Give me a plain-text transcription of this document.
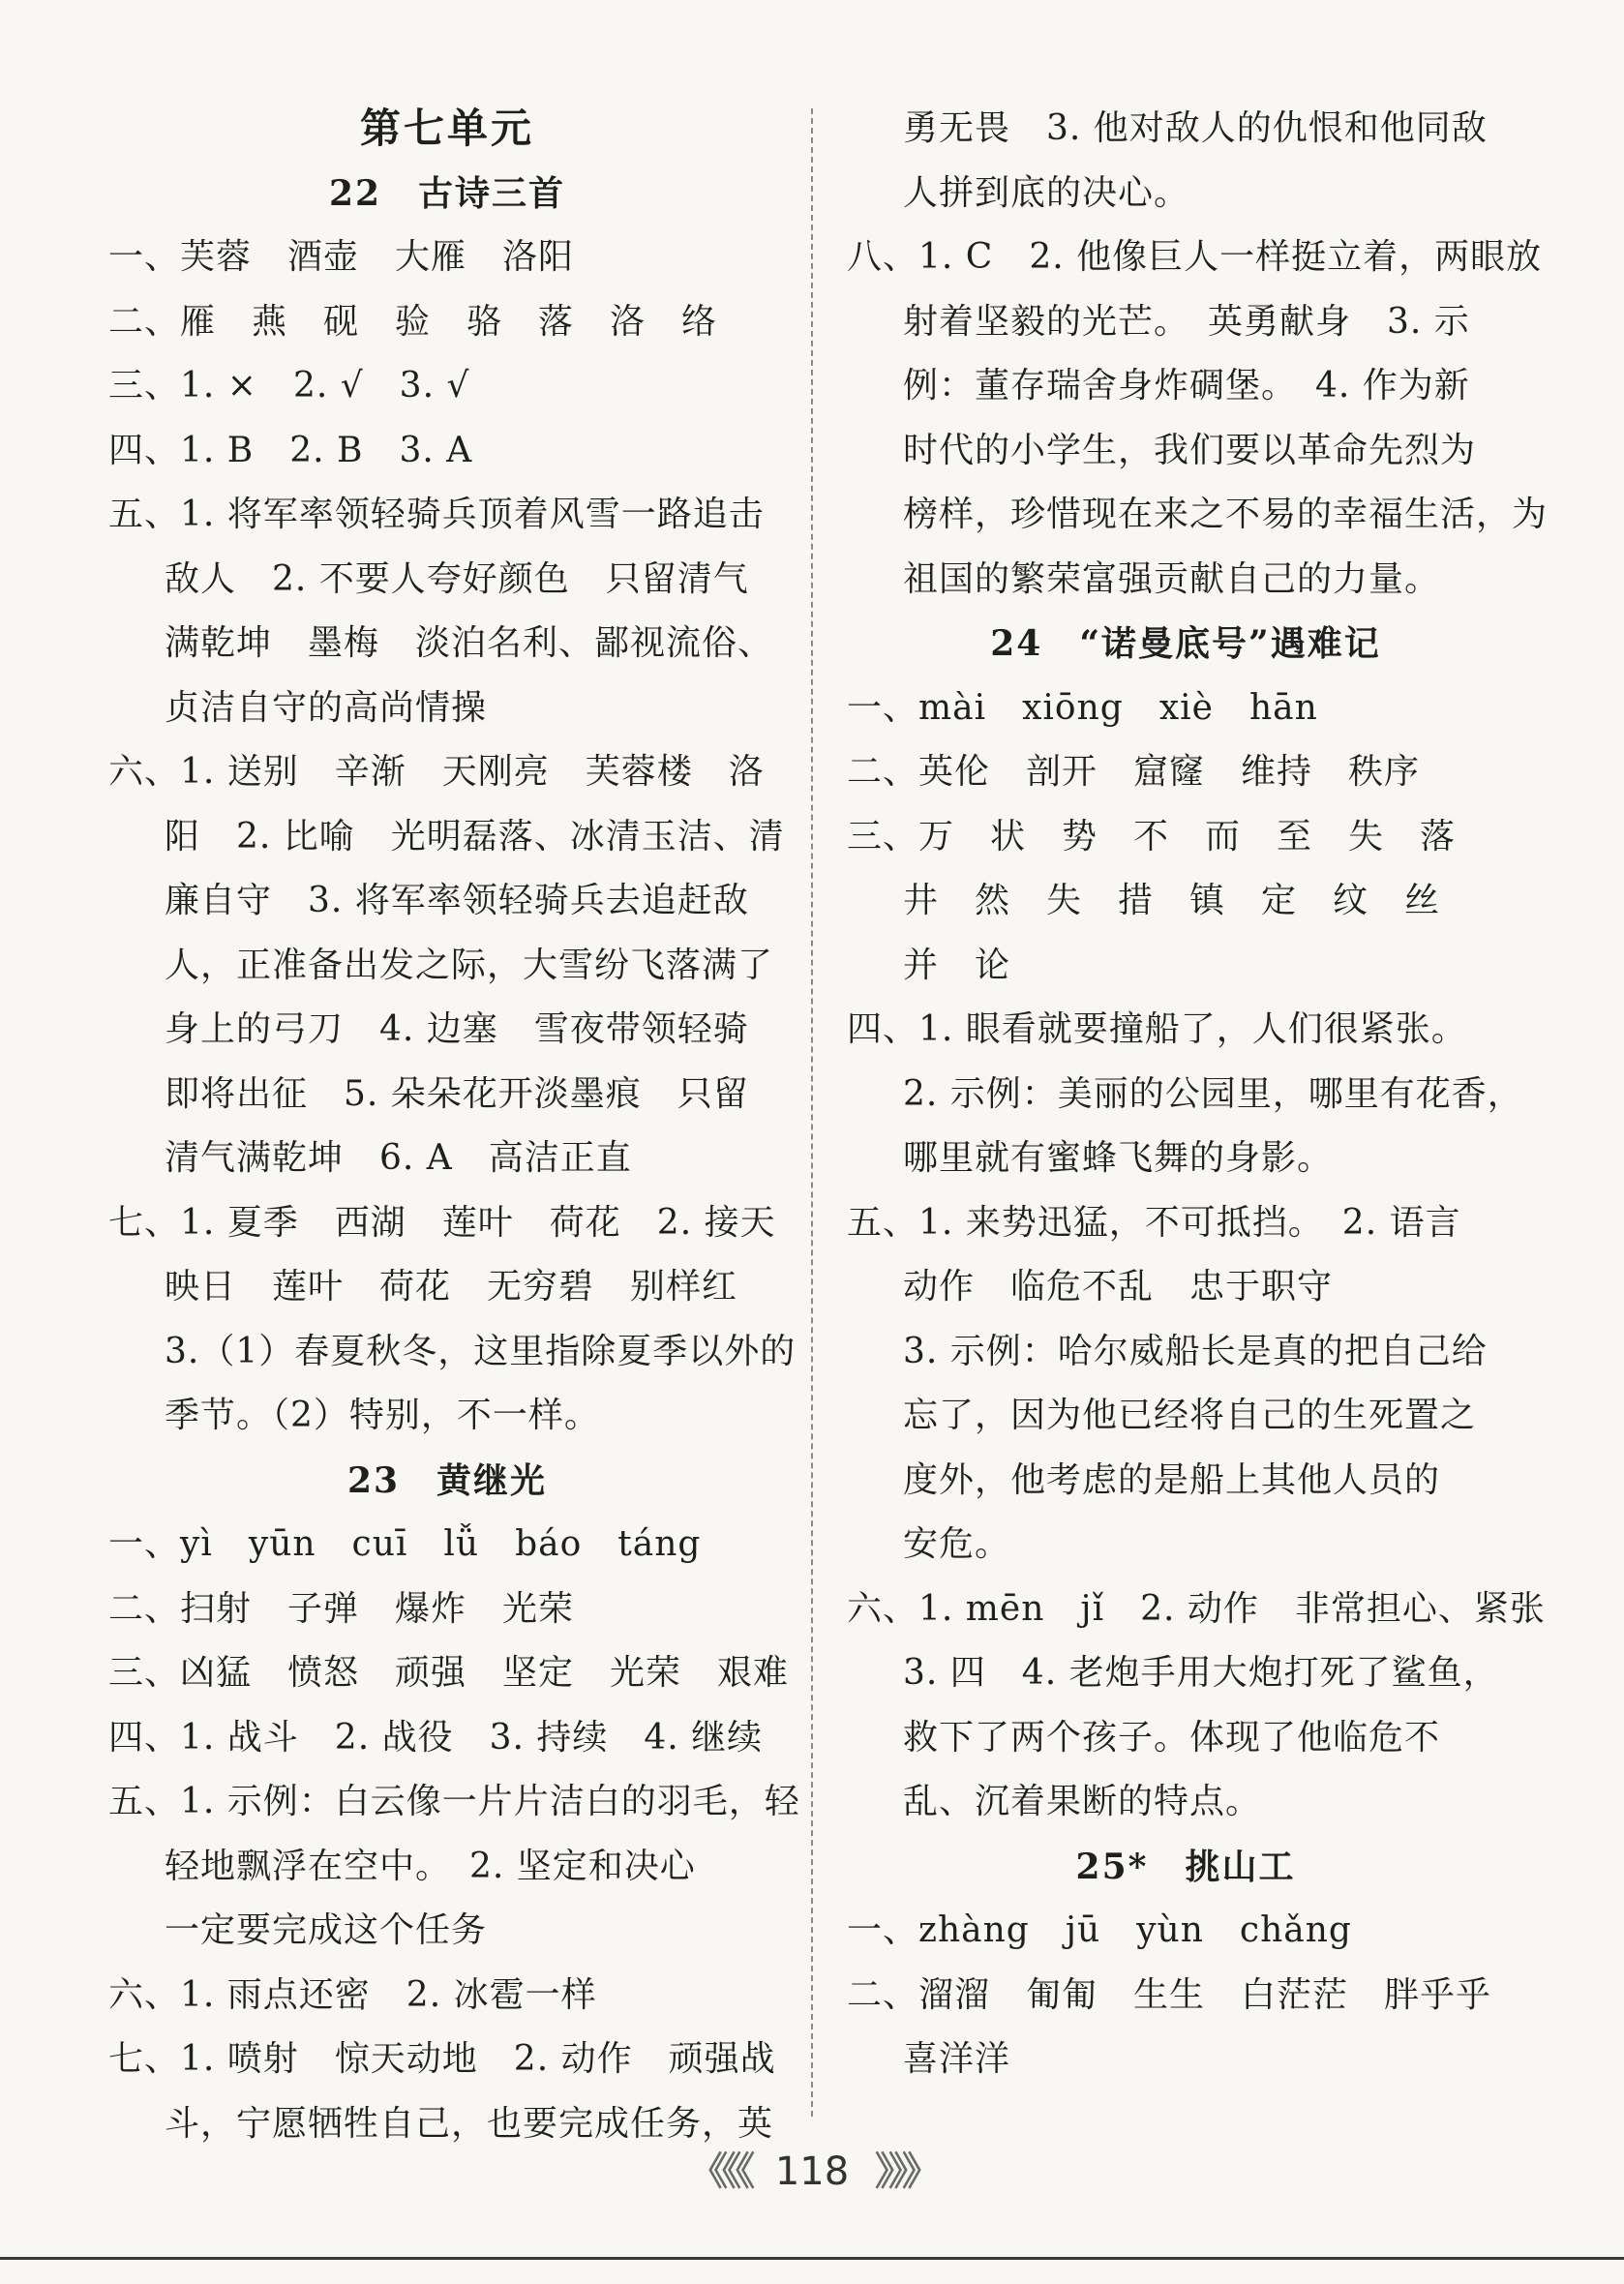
第七单元
22　古诗三首
一、芙蓉　酒壶　大雁　洛阳
二、雁　燕　砚　验　骆　落　洛　络
三、1. ×　2. √　3. √
四、1. B　2. B　3. A
五、1. 将军率领轻骑兵顶着风雪一路追击
敌人　2. 不要人夸好颜色　只留清气
满乾坤　墨梅　淡泊名利、鄙视流俗、
贞洁自守的高尚情操
六、1. 送别　辛渐　天刚亮　芙蓉楼　洛
阳　2. 比喻　光明磊落、冰清玉洁、清
廉自守　3. 将军率领轻骑兵去追赶敌
人，正准备出发之际，大雪纷飞落满了
身上的弓刀　4. 边塞　雪夜带领轻骑
即将出征　5. 朵朵花开淡墨痕　只留
清气满乾坤　6. A　高洁正直
七、1. 夏季　西湖　莲叶　荷花　2. 接天
映日　莲叶　荷花　无穷碧　别样红
3.（1）春夏秋冬，这里指除夏季以外的
季节。（2）特别，不一样。
23　黄继光
一、yì　yūn　cuī　lǚ　báo　táng
二、扫射　子弹　爆炸　光荣
三、凶猛　愤怒　顽强　坚定　光荣　艰难
四、1. 战斗　2. 战役　3. 持续　4. 继续
五、1. 示例：白云像一片片洁白的羽毛，轻
轻地飘浮在空中。　2. 坚定和决心
一定要完成这个任务
六、1. 雨点还密　2. 冰雹一样
七、1. 喷射　惊天动地　2. 动作　顽强战
斗，宁愿牺牲自己，也要完成任务，英
勇无畏　3. 他对敌人的仇恨和他同敌
人拼到底的决心。
八、1. C　2. 他像巨人一样挺立着，两眼放
射着坚毅的光芒。　英勇献身　3. 示
例：董存瑞舍身炸碉堡。　4. 作为新
时代的小学生，我们要以革命先烈为
榜样，珍惜现在来之不易的幸福生活，为
祖国的繁荣富强贡献自己的力量。
24　“诺曼底号”遇难记
一、mài　xiōng　xiè　hān
二、英伦　剖开　窟窿　维持　秩序
三、万　状　势　不　而　至　失　落
井　然　失　措　镇　定　纹　丝
并　论
四、1. 眼看就要撞船了，人们很紧张。
2. 示例：美丽的公园里，哪里有花香，
哪里就有蜜蜂飞舞的身影。
五、1. 来势迅猛，不可抵挡。　2. 语言
动作　临危不乱　忠于职守
3. 示例：哈尔威船长是真的把自己给
忘了，因为他已经将自己的生死置之
度外，他考虑的是船上其他人员的
安危。
六、1. mēn　jǐ　2. 动作　非常担心、紧张
3. 四　4. 老炮手用大炮打死了鲨鱼，
救下了两个孩子。体现了他临危不
乱、沉着果断的特点。
25*　挑山工
一、zhàng　jū　yùn　chǎng
二、溜溜　匍匍　生生　白茫茫　胖乎乎
喜洋洋
《《《 118 》》》
